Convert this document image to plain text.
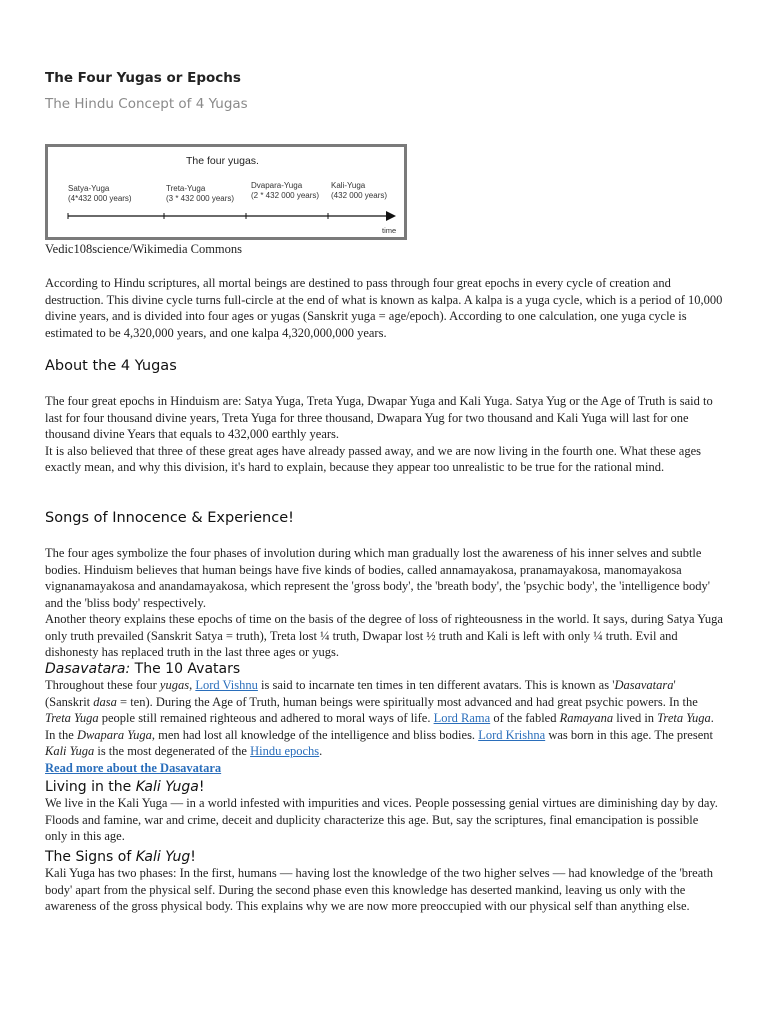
The Four Yugas or Epochs
The Hindu Concept of 4 Yugas
The four yugas.
Satya-Yuga
(4*432 000 years)
Treta-Yuga
(3 * 432 000 years)
Dvapara-Yuga
(2 * 432 000 years)
Kali-Yuga
(432 000 years)
time
Vedic108science/Wikimedia Commons

According to Hindu scriptures, all mortal beings are destined to pass through four great epochs in every cycle of creation and destruction. This divine cycle turns full-circle at the end of what is known as kalpa. A kalpa is a yuga cycle, which is a period of 10,000 divine years, and is divided into four ages or yugas (Sanskrit yuga = age/epoch). According to one calculation, one yuga cycle is estimated to be 4,320,000 years, and one kalpa 4,320,000,000 years.

About the 4 Yugas

The four great epochs in Hinduism are: Satya Yuga, Treta Yuga, Dwapar Yuga and Kali Yuga. Satya Yug or the Age of Truth is said to last for four thousand divine years, Treta Yuga for three thousand, Dwapara Yug for two thousand and Kali Yuga will last for one thousand divine Years that equals to 432,000 earthly years.

It is also believed that three of these great ages have already passed away, and we are now living in the fourth one. What these ages exactly mean, and why this division, it's hard to explain, because they appear too unrealistic to be true for the rational mind.

Songs of Innocence & Experience!

The four ages symbolize the four phases of involution during which man gradually lost the awareness of his inner selves and subtle bodies. Hinduism believes that human beings have five kinds of bodies, called annamayakosa, pranamayakosa, manomayakosa vignanamayakosa and anandamayakosa, which represent the 'gross body', the 'breath body', the 'psychic body', the 'intelligence body' and the 'bliss body' respectively.

Another theory explains these epochs of time on the basis of the degree of loss of righteousness in the world. It says, during Satya Yuga only truth prevailed (Sanskrit Satya = truth), Treta lost ¼ truth, Dwapar lost ½ truth and Kali is left with only ¼ truth. Evil and dishonesty has replaced truth in the last three ages or yugs.

Dasavatara: The 10 Avatars

Throughout these four yugas, Lord Vishnu is said to incarnate ten times in ten different avatars. This is known as 'Dasavatara' (Sanskrit dasa = ten). During the Age of Truth, human beings were spiritually most advanced and had great psychic powers. In the Treta Yuga people still remained righteous and adhered to moral ways of life. Lord Rama of the fabled Ramayana lived in Treta Yuga. In the Dwapara Yuga, men had lost all knowledge of the intelligence and bliss bodies. Lord Krishna was born in this age. The present Kali Yuga is the most degenerated of the Hindu epochs.

Read more about the Dasavatara

Living in the Kali Yuga!

We live in the Kali Yuga — in a world infested with impurities and vices. People possessing genial virtues are diminishing day by day. Floods and famine, war and crime, deceit and duplicity characterize this age. But, say the scriptures, final emancipation is possible only in this age.

The Signs of Kali Yug!

Kali Yuga has two phases: In the first, humans — having lost the knowledge of the two higher selves — had knowledge of the 'breath body' apart from the physical self. During the second phase even this knowledge has deserted mankind, leaving us only with the awareness of the gross physical body. This explains why we are now more preoccupied with our physical self than anything else.
